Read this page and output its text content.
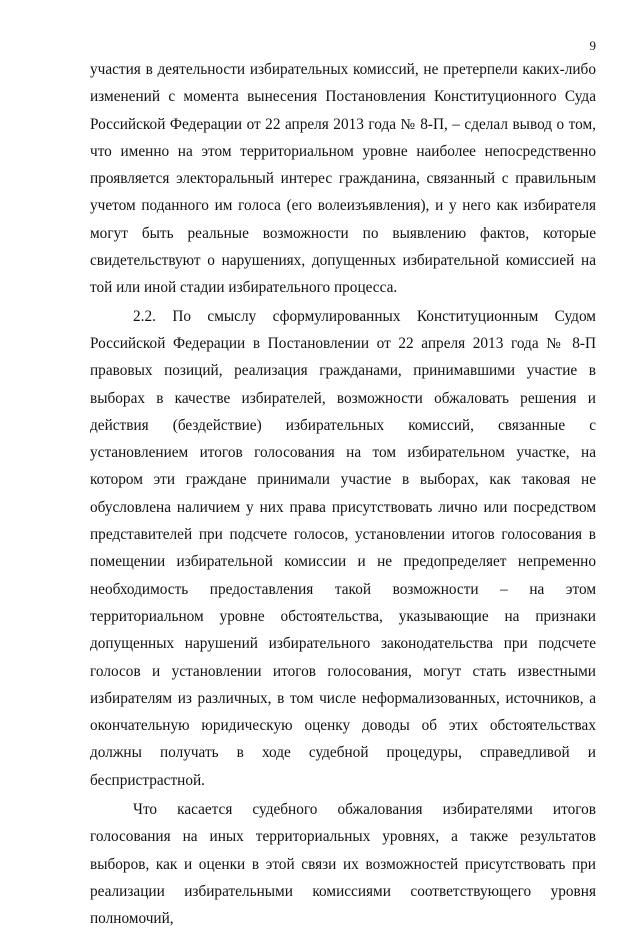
9

участия в деятельности избирательных комиссий, не претерпели каких-либо изменений с момента вынесения Постановления Конституционного Суда Российской Федерации от 22 апреля 2013 года № 8-П, – сделал вывод о том, что именно на этом территориальном уровне наиболее непосредственно проявляется электоральный интерес гражданина, связанный с правильным учетом поданного им голоса (его волеизъявления), и у него как избирателя могут быть реальные возможности по выявлению фактов, которые свидетельствуют о нарушениях, допущенных избирательной комиссией на той или иной стадии избирательного процесса.

2.2. По смыслу сформулированных Конституционным Судом Российской Федерации в Постановлении от 22 апреля 2013 года № 8-П правовых позиций, реализация гражданами, принимавшими участие в выборах в качестве избирателей, возможности обжаловать решения и действия (бездействие) избирательных комиссий, связанные с установлением итогов голосования на том избирательном участке, на котором эти граждане принимали участие в выборах, как таковая не обусловлена наличием у них права присутствовать лично или посредством представителей при подсчете голосов, установлении итогов голосования в помещении избирательной комиссии и не предопределяет непременно необходимость предоставления такой возможности – на этом территориальном уровне обстоятельства, указывающие на признаки допущенных нарушений избирательного законодательства при подсчете голосов и установлении итогов голосования, могут стать известными избирателям из различных, в том числе неформализованных, источников, а окончательную юридическую оценку доводы об этих обстоятельствах должны получать в ходе судебной процедуры, справедливой и беспристрастной.

Что касается судебного обжалования избирателями итогов голосования на иных территориальных уровнях, а также результатов выборов, как и оценки в этой связи их возможностей присутствовать при реализации избирательными комиссиями соответствующего уровня полномочий,
